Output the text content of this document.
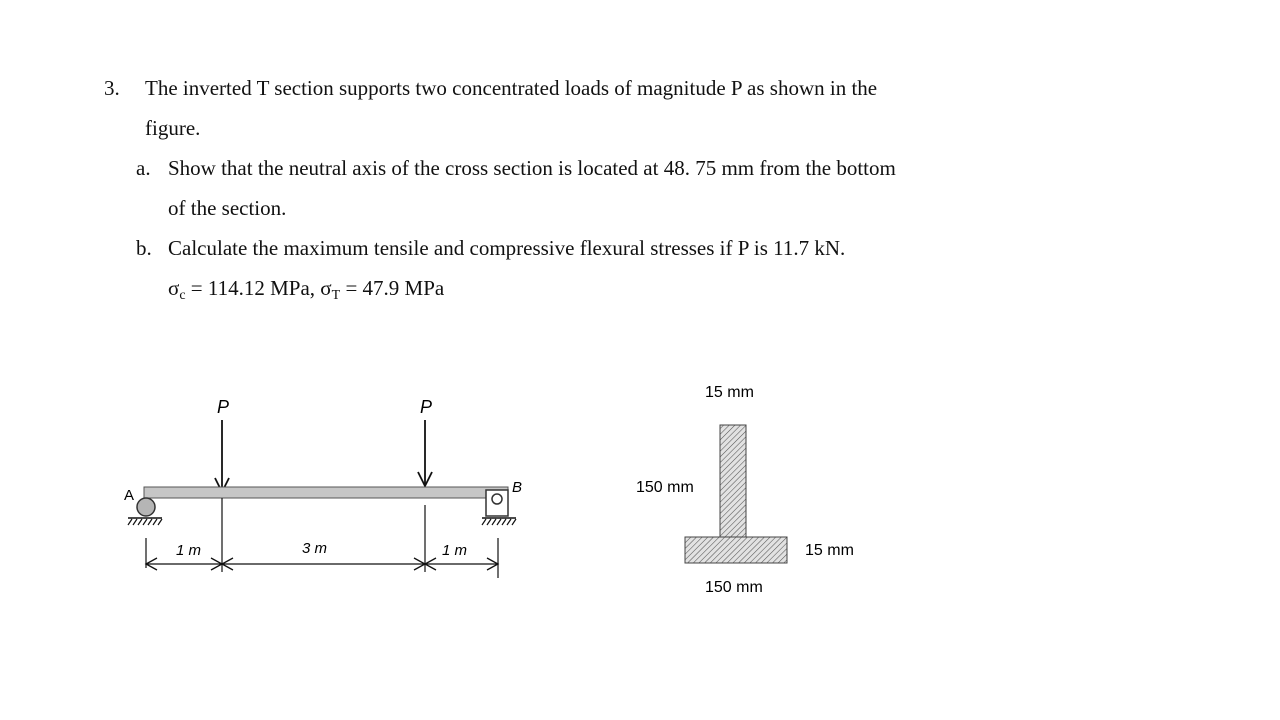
3. The inverted T section supports two concentrated loads of magnitude P as shown in the
figure.
a. Show that the neutral axis of the cross section is located at 48. 75 mm from the bottom
of the section.
b. Calculate the maximum tensile and compressive flexural stresses if P is 11.7 kN.
$\sigma_c = 114.12$ MPa, $\sigma_T = 47.9$ MPa
P	P
A	B
1 m	3 m	1 m
15 mm
150 mm
15 mm
150 mm
